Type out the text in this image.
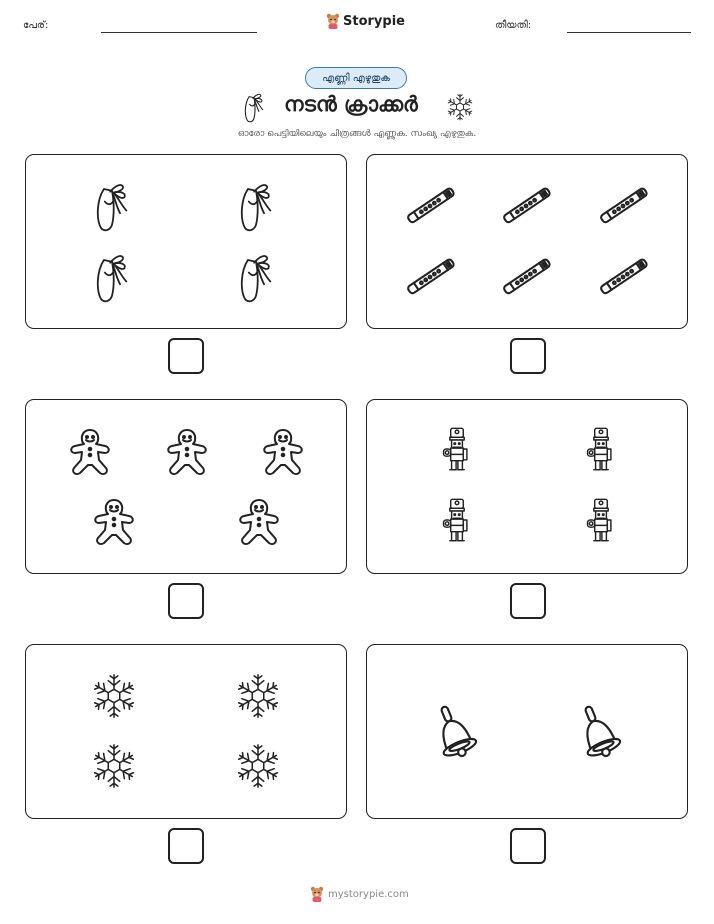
പേര്:	Storypie	തീയതി:
എണ്ണി എഴുതുക
നടൻ ക്രാക്കർ
ഓരോ പെട്ടിയിലെയും ചിത്രങ്ങൾ എണ്ണുക. സംഖ്യ എഴുതുക.
mystorypie.com
